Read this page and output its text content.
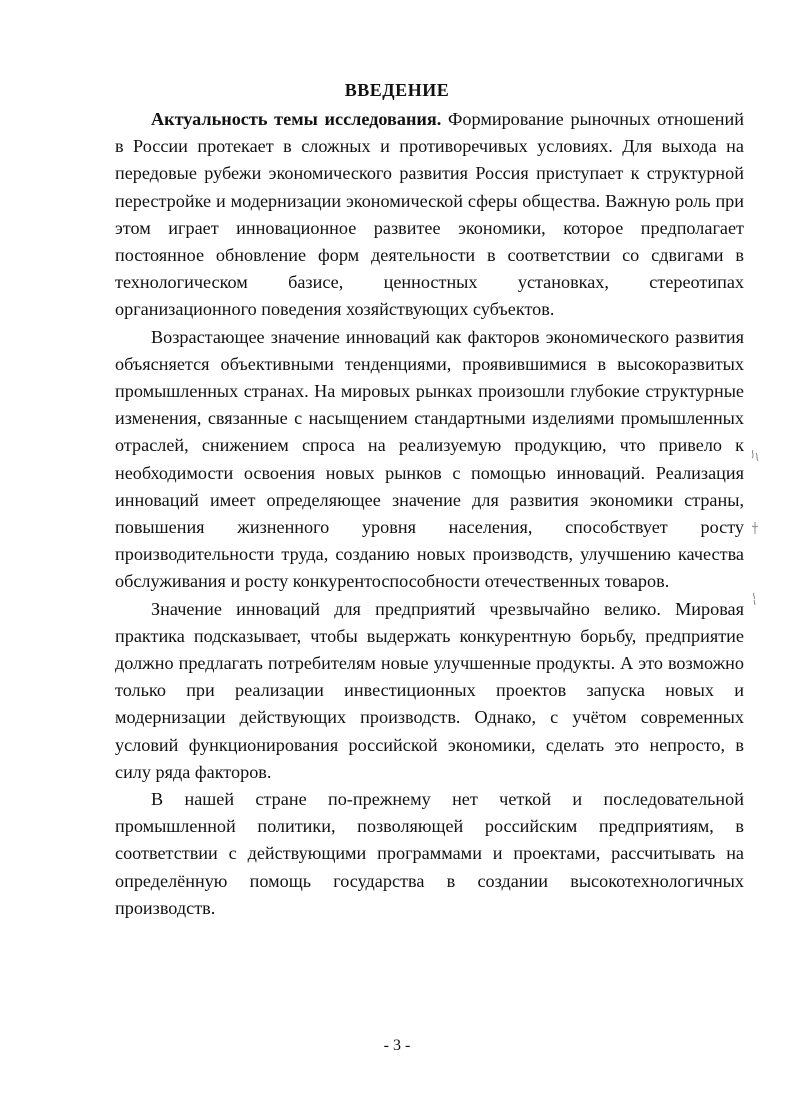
ВВЕДЕНИЕ

Актуальность темы исследования. Формирование рыночных отношений в России протекает в сложных и противоречивых условиях. Для выхода на передовые рубежи экономического развития Россия приступает к структурной перестройке и модернизации экономической сферы общества. Важную роль при этом играет инновационное развитее экономики, которое предполагает постоянное обновление форм деятельности в соответствии со сдвигами в технологическом базисе, ценностных установках, стереотипах организационного поведения хозяйствующих субъектов.

Возрастающее значение инноваций как факторов экономического развития объясняется объективными тенденциями, проявившимися в высокоразвитых промышленных странах. На мировых рынках произошли глубокие структурные изменения, связанные с насыщением стандартными изделиями промышленных отраслей, снижением спроса на реализуемую продукцию, что привело к необходимости освоения новых рынков с помощью инноваций. Реализация инноваций имеет определяющее значение для развития экономики страны, повышения жизненного уровня населения, способствует росту производительности труда, созданию новых производств, улучшению качества обслуживания и росту конкурентоспособности отечественных товаров.

Значение инноваций для предприятий чрезвычайно велико. Мировая практика подсказывает, чтобы выдержать конкурентную борьбу, предприятие должно предлагать потребителям новые улучшенные продукты. А это возможно только при реализации инвестиционных проектов запуска новых и модернизации действующих производств. Однако, с учётом современных условий функционирования российской экономики, сделать это непросто, в силу ряда факторов.

В нашей стране по-прежнему нет четкой и последовательной промышленной политики, позволяющей российским предприятиям, в соответствии с действующими программами и проектами, рассчитывать на определённую помощь государства в создании высокотехнологичных производств.

- 3 -
